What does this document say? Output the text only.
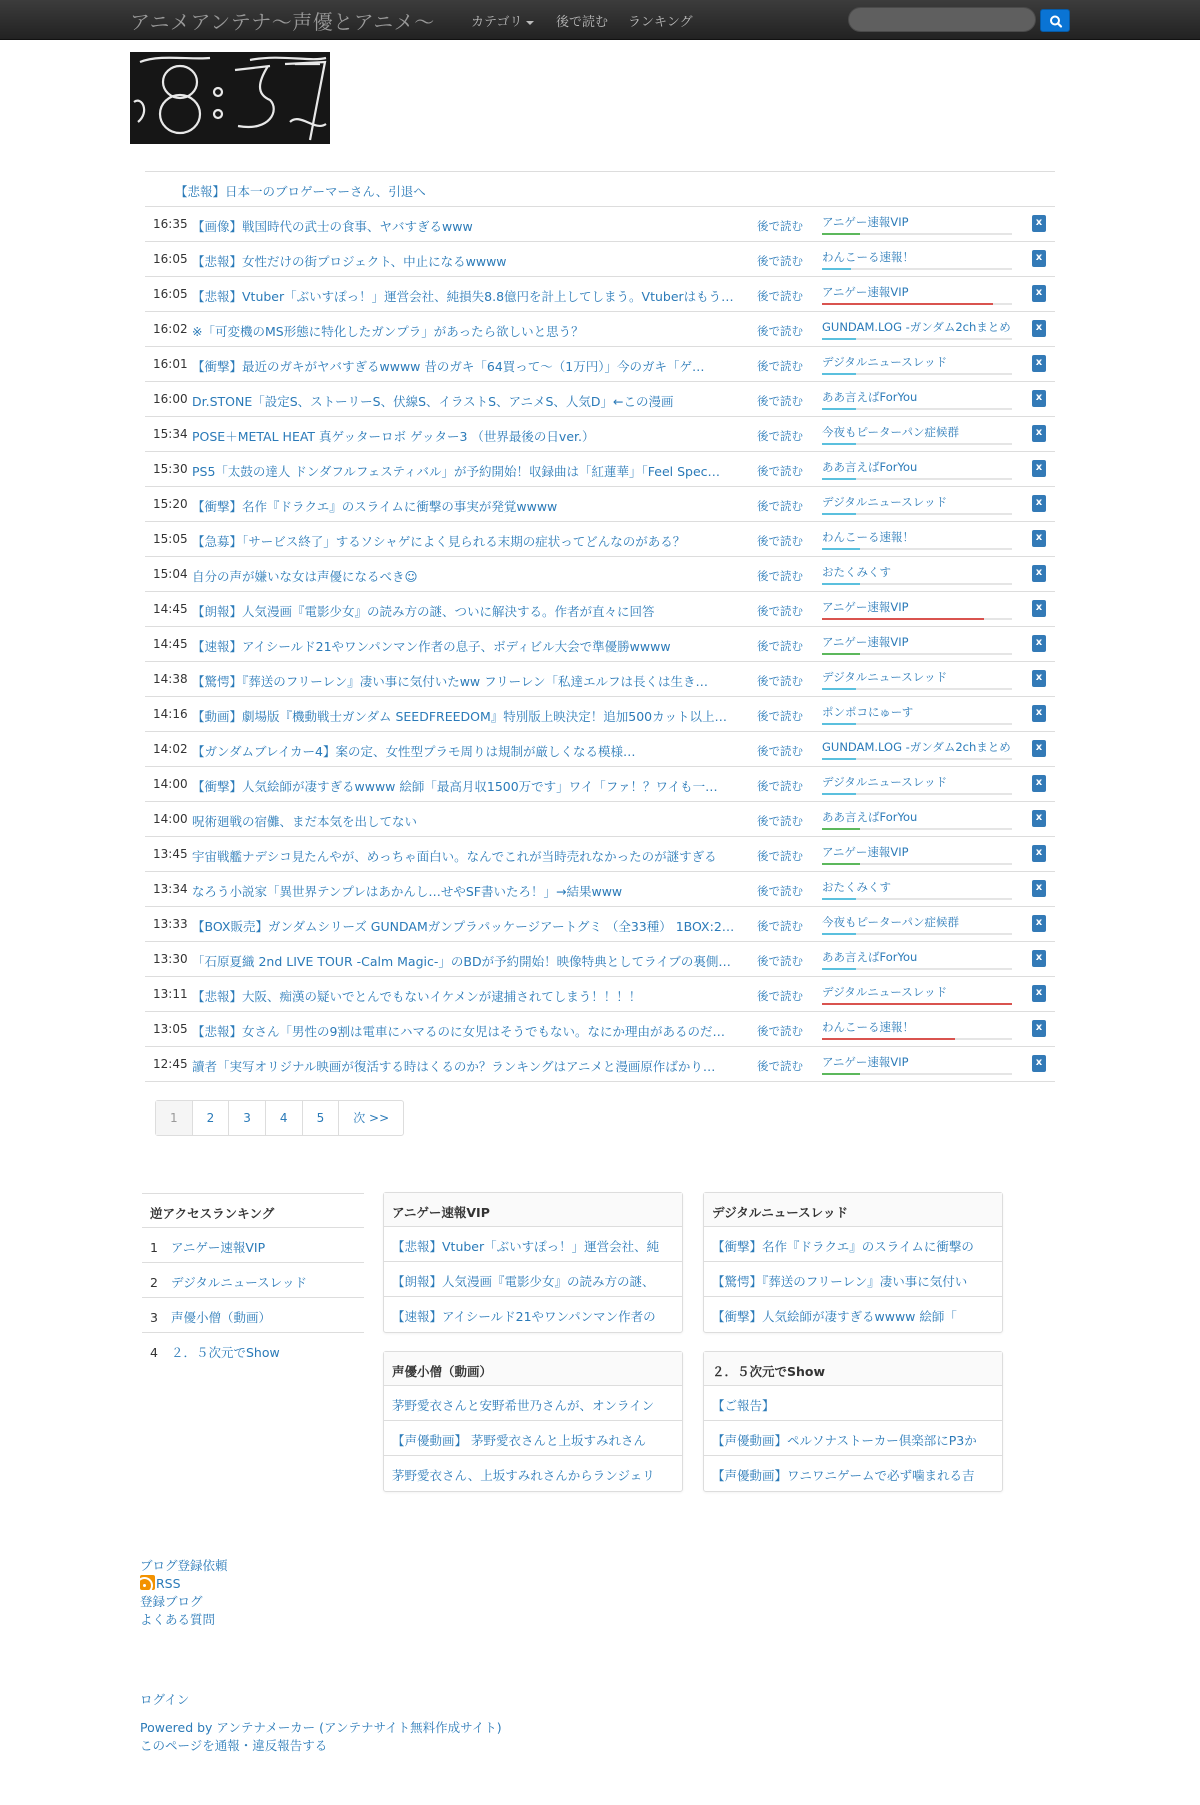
アニメアンテナ〜声優とアニメ〜	カテゴリ	後で読む ランキング
【悲報】日本一のブロゲーマーさん、引退へ
16:35 【画像】戦国時代の武士の食事、ヤバすぎるwww	後で読む アニゲー速報VIP	x
16:05 【悲報】女性だけの街プロジェクト、中止になるwwww	後で読む わんこーる速報！	x
16:05 【悲報】Vtuber「ぶいすぽっ！」運営会社、純損失8.8億円を計上してしまう。Vtuberはもう…	後で読む アニゲー速報VIP	x
16:02 ※「可変機のMS形態に特化したガンプラ」があったら欲しいと思う？	後で読む GUNDAM.LOG -ガンダム2chまとめ	x
16:01 【衝撃】最近のガキがヤバすぎるwwww 昔のガキ「64買って〜（1万円）」今のガキ「ゲ…	後で読む デジタルニュースレッド	x
16:00 Dr.STONE「設定S、ストーリーS、伏線S、イラストS、アニメS、人気D」←この漫画	後で読む ああ言えばForYou	x
15:34 POSE＋METAL HEAT 真ゲッターロボ ゲッター3 （世界最後の日ver.）	後で読む 今夜もピーターパン症候群	x
15:30 PS5「太鼓の達人 ドンダフルフェスティバル」が予約開始！収録曲は「紅蓮華」「Feel Spec…	後で読む ああ言えばForYou	x
15:20 【衝撃】名作『ドラクエ』のスライムに衝撃の事実が発覚wwww	後で読む デジタルニュースレッド	x
15:05 【急募】「サービス終了」するソシャゲによく見られる末期の症状ってどんなのがある？	後で読む わんこーる速報！	x
15:04 自分の声が嫌いな女は声優になるべき☺	後で読む おたくみくす	x
14:45 【朗報】人気漫画『電影少女』の読み方の謎、ついに解決する。作者が直々に回答	後で読む アニゲー速報VIP	x
14:45 【速報】アイシールド21やワンパンマン作者の息子、ボディビル大会で準優勝wwww	後で読む アニゲー速報VIP	x
14:38 【驚愕】『葬送のフリーレン』凄い事に気付いたww フリーレン「私達エルフは長くは生き…	後で読む デジタルニュースレッド	x
14:16 【動画】劇場版『機動戦士ガンダム SEEDFREEDOM』特別版上映決定！追加500カット以上…	後で読む ポンポコにゅーす	x
14:02 【ガンダムブレイカー4】案の定、女性型プラモ周りは規制が厳しくなる模様…	後で読む GUNDAM.LOG -ガンダム2chまとめ	x
14:00 【衝撃】人気絵師が凄すぎるwwww 絵師「最高月収1500万です」ワイ「ファ！？ワイも一…	後で読む デジタルニュースレッド	x
14:00 呪術廻戦の宿儺、まだ本気を出してない	後で読む ああ言えばForYou	x
13:45 宇宙戦艦ナデシコ見たんやが、めっちゃ面白い。なんでこれが当時売れなかったのが謎すぎる	後で読む アニゲー速報VIP	x
13:34 なろう小説家「異世界テンプレはあかんし…せやSF書いたろ！」→結果www	後で読む おたくみくす	x
13:33 【BOX販売】ガンダムシリーズ GUNDAMガンプラパッケージアートグミ （全33種） 1BOX:2…	後で読む 今夜もピーターパン症候群	x
13:30 「石原夏織 2nd LIVE TOUR -Calm Magic-」のBDが予約開始！映像特典としてライブの裏側…	後で読む ああ言えばForYou	x
13:11 【悲報】大阪、痴漢の疑いでとんでもないイケメンが逮捕されてしまう！！！！	後で読む デジタルニュースレッド	x
13:05 【悲報】女さん「男性の9割は電車にハマるのに女児はそうでもない。なにか理由があるのだ…	後で読む わんこーる速報！	x
12:45 讀者「実写オリジナル映画が復活する時はくるのか？ランキングはアニメと漫画原作ばかり…	後で読む アニゲー速報VIP	x
1	2	3	4	5	次 >>
逆アクセスランキング
1 アニゲー速報VIP
2 デジタルニュースレッド
3 声優小僧（動画）
4 ２．５次元でShow
アニゲー速報VIP
【悲報】Vtuber「ぶいすぽっ！」運営会社、純
【朗報】人気漫画『電影少女』の読み方の謎、
【速報】アイシールド21やワンパンマン作者の
デジタルニュースレッド
【衝撃】名作『ドラクエ』のスライムに衝撃の
【驚愕】『葬送のフリーレン』凄い事に気付い
【衝撃】人気絵師が凄すぎるwwww 絵師「
声優小僧（動画）
茅野愛衣さんと安野希世乃さんが、オンライン
【声優動画】 茅野愛衣さんと上坂すみれさん
茅野愛衣さん、上坂すみれさんからランジェリ
２．５次元でShow
【ご報告】
【声優動画】ペルソナストーカー倶楽部にP3か
【声優動画】ワニワニゲームで必ず噛まれる吉
ブログ登録依頼
RSS
登録ブログ
よくある質問
ログイン
Powered by アンテナメーカー (アンテナサイト無料作成サイト)
このページを通報・違反報告する
